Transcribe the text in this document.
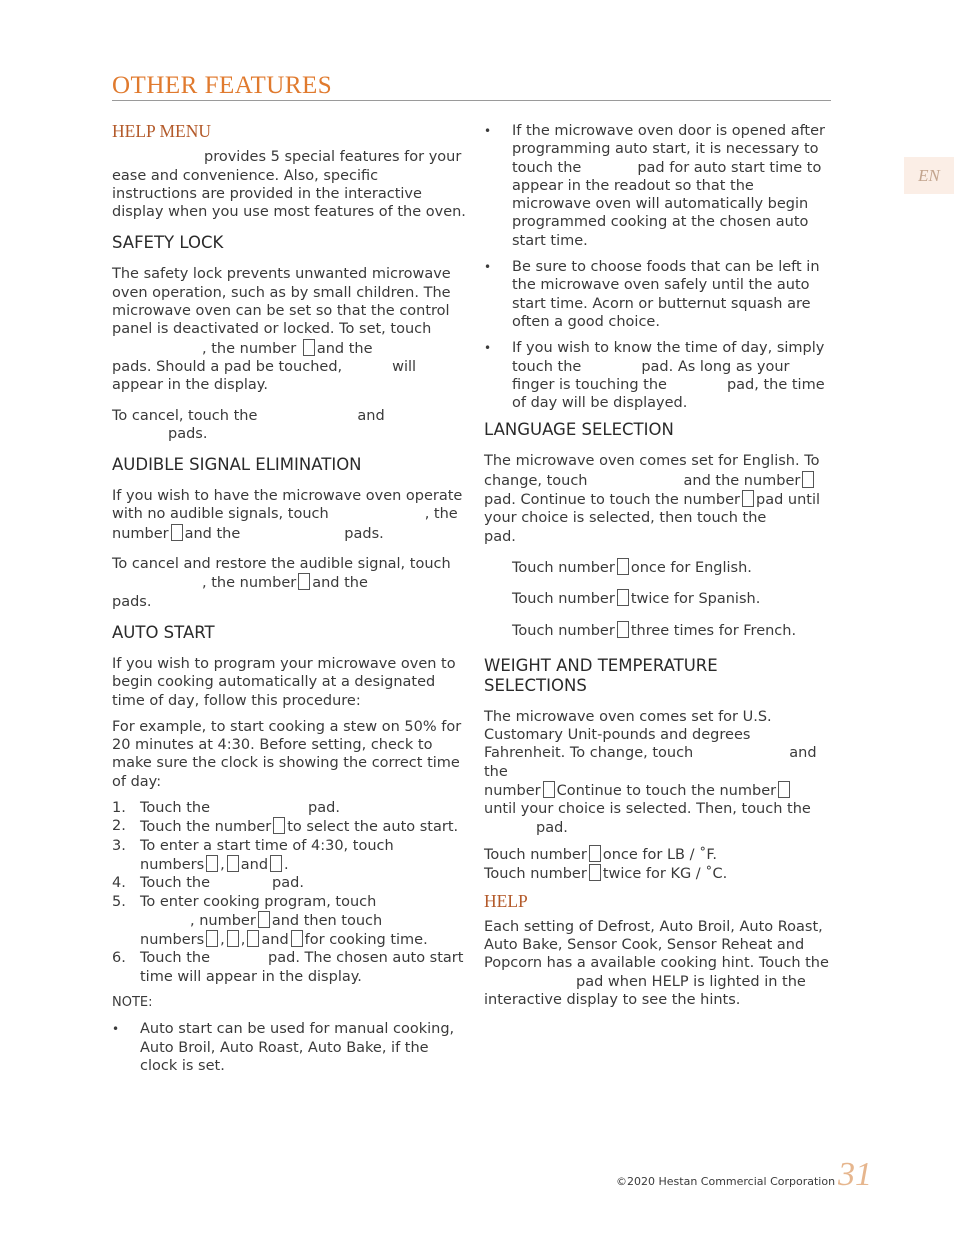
OTHER FEATURES
EN
HELP MENU

provides 5 special features for your
ease and convenience. Also, specific instructions are provided in the interactive display when you use most features of the oven.

SAFETY LOCK

The safety lock prevents unwanted microwave oven operation, such as by small children. The microwave oven can be set so that the control panel is deactivated or locked. To set, touch
, the number and the
pads. Should a pad be touched,	will
appear in the display.

To cancel, touch the	and
pads.

AUDIBLE SIGNAL ELIMINATION

If you wish to have the microwave oven operate with no audible signals, touch	, the
number and the	pads.

To cancel and restore the audible signal, touch
, the number and the
pads.

AUTO START

If you wish to program your microwave oven to begin cooking automatically at a designated time of day, follow this procedure:

For example, to start cooking a stew on 50% for 20 minutes at 4:30. Before setting, check to make sure the clock is showing the correct time of day:

1. Touch the	pad.
2. Touch the number to select the auto start.
3. To enter a start time of 4:30, touch
numbers , and .
4. Touch the	pad.
5. To enter cooking program, touch
, number and then touch
numbers , , and for cooking time.
6. Touch the	pad. The chosen auto start time will appear in the display.

NOTE:

•	Auto start can be used for manual cooking, Auto Broil, Auto Roast, Auto Bake, if the clock is set.
•	If the microwave oven door is opened after programming auto start, it is necessary to touch the	pad for auto start time to appear in the readout so that the microwave oven will automatically begin programmed cooking at the chosen auto start time.
•	Be sure to choose foods that can be left in the microwave oven safely until the auto start time. Acorn or butternut squash are often a good choice.
•	If you wish to know the time of day, simply touch the	pad. As long as your finger is touching the	pad, the time of day will be displayed.
LANGUAGE SELECTION

The microwave oven comes set for English. To change, touch	and the number
pad. Continue to touch the number pad until your choice is selected, then touch the
pad.

Touch number once for English.

Touch number twice for Spanish.

Touch number three times for French.

WEIGHT AND TEMPERATURE
SELECTIONS

The microwave oven comes set for U.S. Customary Unit-pounds and degrees Fahrenheit. To change, touch	and the
number Continue to touch the number
until your choice is selected. Then, touch the
pad.

Touch number once for LB / ˚F.

Touch number twice for KG / ˚C.

HELP

Each setting of Defrost, Auto Broil, Auto Roast, Auto Bake, Sensor Cook, Sensor Reheat and Popcorn has a available cooking hint. Touch the
pad when HELP is lighted in the interactive display to see the hints.

©2020 Hestan Commercial Corporation 31
